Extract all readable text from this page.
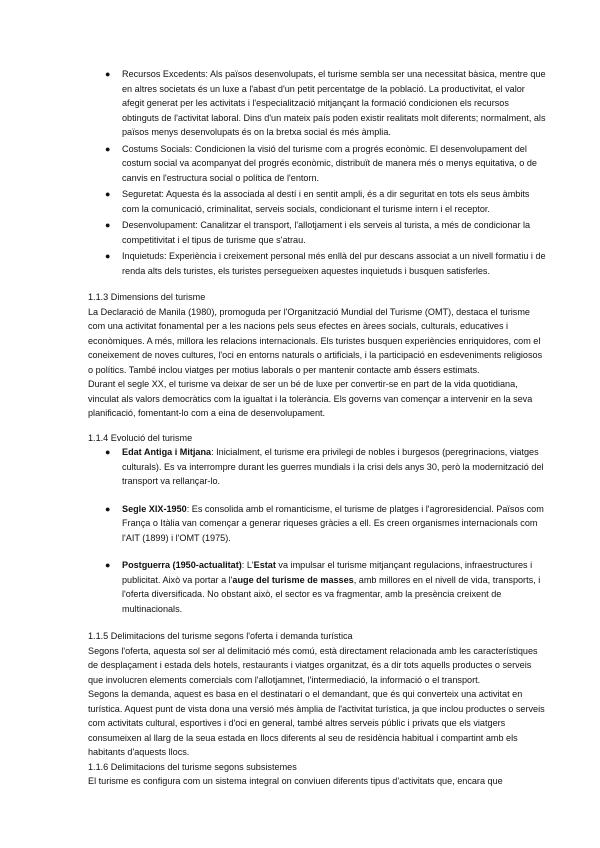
● Recursos Excedents: Als països desenvolupats, el turisme sembla ser una necessitat bàsica, mentre que en altres societats és un luxe a l'abast d'un petit percentatge de la població. La productivitat, el valor afegit generat per les activitats i l'especialització mitjançant la formació condicionen els recursos obtinguts de l'activitat laboral. Dins d'un mateix país poden existir realitats molt diferents; normalment, als països menys desenvolupats és on la bretxa social és més àmplia.
● Costums Socials: Condicionen la visió del turisme com a progrés econòmic. El desenvolupament del costum social va acompanyat del progrés econòmic, distribuït de manera més o menys equitativa, o de canvis en l'estructura social o política de l'entorn.
● Seguretat: Aquesta és la associada al destí i en sentit ampli, és a dir seguritat en tots els seus àmbits com la comunicació, criminalitat, serveis socials, condicionant el turisme intern i el receptor.
● Desenvolupament: Canalitzar el transport, l'allotjament i els serveis al turista, a més de condicionar la competitivitat i el tipus de turisme que s'atrau.
● Inquietuds: Experiència i creixement personal més enllà del pur descans associat a un nivell formatiu i de renda alts dels turistes, els turistes persegueixen aquestes inquietuds i busquen satisferles.
1.1.3 Dimensions del turisme

La Declaració de Manila (1980), promoguda per l'Organització Mundial del Turisme (OMT), destaca el turisme com una activitat fonamental per a les nacions pels seus efectes en àrees socials, culturals, educatives i econòmiques. A més, millora les relacions internacionals. Els turistes busquen experiències enriquidores, com el coneixement de noves cultures, l'oci en entorns naturals o artificials, i la participació en esdeveniments religiosos o polítics. També inclou viatges per motius laborals o per mantenir contacte amb éssers estimats.

Durant el segle XX, el turisme va deixar de ser un bé de luxe per convertir-se en part de la vida quotidiana, vinculat als valors democràtics com la igualtat i la tolerància. Els governs van començar a intervenir en la seva planificació, fomentant-lo com a eina de desenvolupament.

1.1.4 Evolució del turisme
● Edat Antiga i Mitjana: Inicialment, el turisme era privilegi de nobles i burgesos (peregrinacions, viatges culturals). Es va interrompre durant les guerres mundials i la crisi dels anys 30, però la modernització del transport va rellançar-lo.
● Segle XIX-1950: Es consolida amb el romanticisme, el turisme de platges i l'agroresidencial. Països com França o Itàlia van començar a generar riqueses gràcies a ell. Es creen organismes internacionals com l'AIT (1899) i l'OMT (1975).
● Postguerra (1950-actualitat): L'Estat va impulsar el turisme mitjançant regulacions, infraestructures i publicitat. Això va portar a l'auge del turisme de masses, amb millores en el nivell de vida, transports, i l'oferta diversificada. No obstant això, el sector es va fragmentar, amb la presència creixent de multinacionals.
1.1.5 Delimitacions del turisme segons l'oferta i demanda turística

Segons l'oferta, aquesta sol ser al delimitació més comú, està directament relacionada amb les característiques de desplaçament i estada dels hotels, restaurants i viatges organitzat, és a dir tots aquells productes o serveis que involucren elements comercials com l'allotjamnet, l'intermediació, la informació o el transport.

Segons la demanda, aquest es basa en el destinatari o el demandant, que és qui converteix una activitat en turística. Aquest punt de vista dona una versió més àmplia de l'activitat turística, ja que inclou productes o serveis com activitats cultural, esportives i d'oci en general, també altres serveis públic i privats que els viatgers consumeixen al llarg de la seua estada en llocs diferents al seu de residència habitual i compartint amb els habitants d'aquests llocs.

1.1.6 Delimitacions del turisme segons subsistemes

El turisme es configura com un sistema integral on conviuen diferents tipus d'activitats que, encara que
